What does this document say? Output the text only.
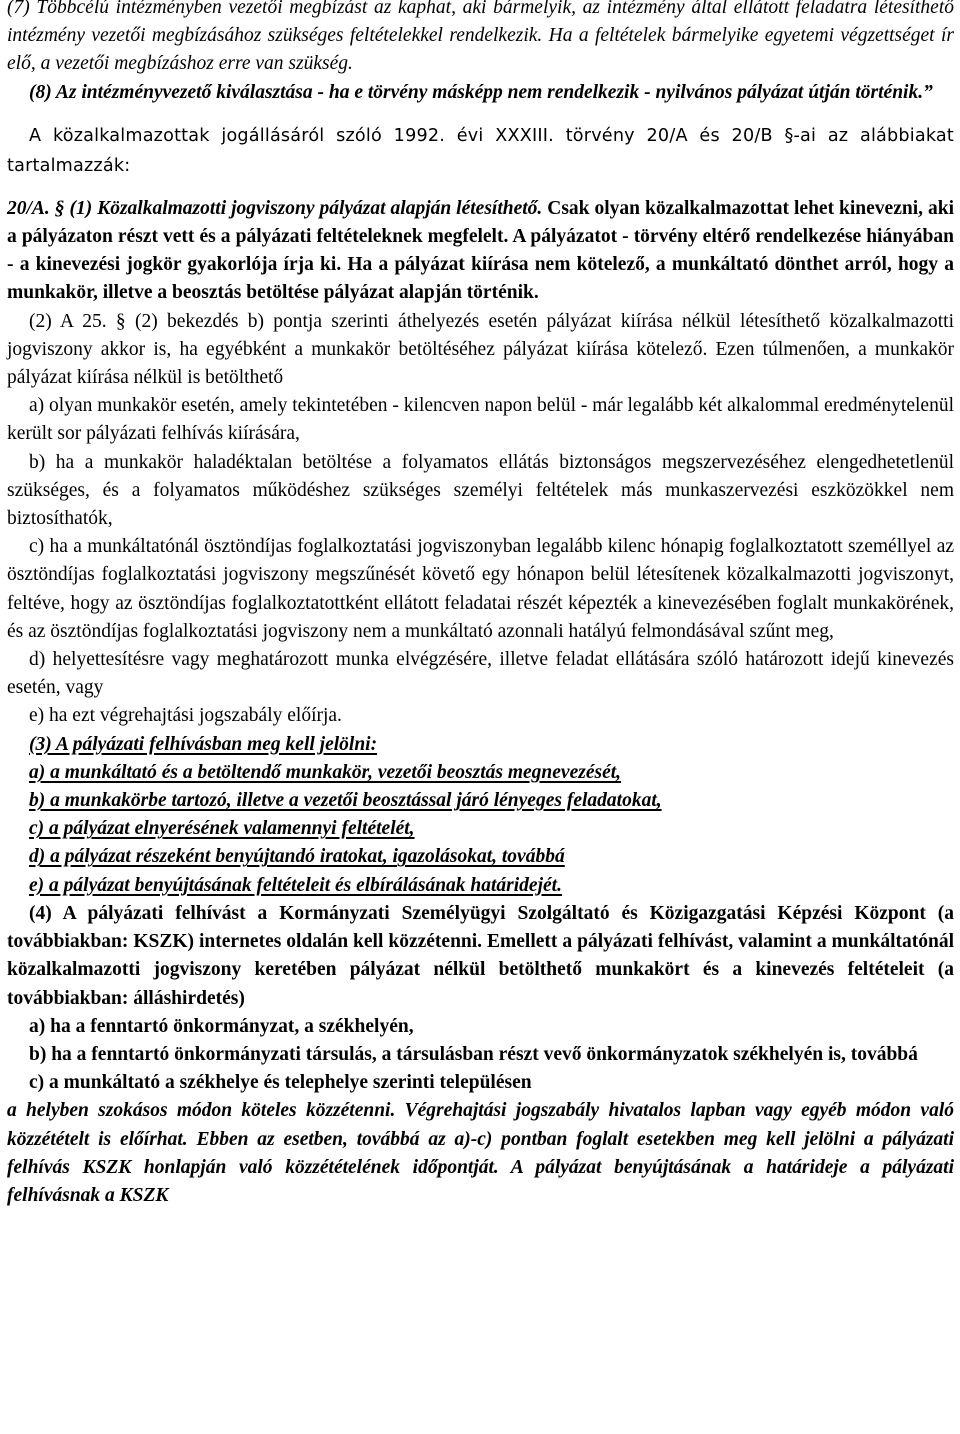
(7) Többcélú intézményben vezetői megbízást az kaphat, aki bármelyik, az intézmény által ellátott feladatra létesíthető intézmény vezetői megbízásához szükséges feltételekkel rendelkezik. Ha a feltételek bármelyike egyetemi végzettséget ír elő, a vezetői megbízáshoz erre van szükség.

(8) Az intézményvezető kiválasztása - ha e törvény másképp nem rendelkezik - nyilvános pályázat útján történik.”

A közalkalmazottak jogállásáról szóló 1992. évi XXXIII. törvény 20/A és 20/B §-ai az alábbiakat tartalmazzák:

20/A. § (1) Közalkalmazotti jogviszony pályázat alapján létesíthető. Csak olyan közalkalmazottat lehet kinevezni, aki a pályázaton részt vett és a pályázati feltételeknek megfelelt. A pályázatot - törvény eltérő rendelkezése hiányában - a kinevezési jogkör gyakorlója írja ki. Ha a pályázat kiírása nem kötelező, a munkáltató dönthet arról, hogy a munkakör, illetve a beosztás betöltése pályázat alapján történik.

(2) A 25. § (2) bekezdés b) pontja szerinti áthelyezés esetén pályázat kiírása nélkül létesíthető közalkalmazotti jogviszony akkor is, ha egyébként a munkakör betöltéséhez pályázat kiírása kötelező. Ezen túlmenően, a munkakör pályázat kiírása nélkül is betölthető

a) olyan munkakör esetén, amely tekintetében - kilencven napon belül - már legalább két alkalommal eredménytelenül került sor pályázati felhívás kiírására,

b) ha a munkakör haladéktalan betöltése a folyamatos ellátás biztonságos megszervezéséhez elengedhetetlenül szükséges, és a folyamatos működéshez szükséges személyi feltételek más munkaszervezési eszközökkel nem biztosíthatók,

c) ha a munkáltatónál ösztöndíjas foglalkoztatási jogviszonyban legalább kilenc hónapig foglalkoztatott személlyel az ösztöndíjas foglalkoztatási jogviszony megszűnését követő egy hónapon belül létesítenek közalkalmazotti jogviszonyt, feltéve, hogy az ösztöndíjas foglalkoztatottként ellátott feladatai részét képezték a kinevezésében foglalt munkakörének, és az ösztöndíjas foglalkoztatási jogviszony nem a munkáltató azonnali hatályú felmondásával szűnt meg,

d) helyettesítésre vagy meghatározott munka elvégzésére, illetve feladat ellátására szóló határozott idejű kinevezés esetén, vagy

e) ha ezt végrehajtási jogszabály előírja.

(3) A pályázati felhívásban meg kell jelölni:

a) a munkáltató és a betöltendő munkakör, vezetői beosztás megnevezését,

b) a munkakörbe tartozó, illetve a vezetői beosztással járó lényeges feladatokat,

c) a pályázat elnyerésének valamennyi feltételét,

d) a pályázat részeként benyújtandó iratokat, igazolásokat, továbbá

e) a pályázat benyújtásának feltételeit és elbírálásának határidejét.

(4) A pályázati felhívást a Kormányzati Személyügyi Szolgáltató és Közigazgatási Képzési Központ (a továbbiakban: KSZK) internetes oldalán kell közzétenni. Emellett a pályázati felhívást, valamint a munkáltatónál közalkalmazotti jogviszony keretében pályázat nélkül betölthető munkakört és a kinevezés feltételeit (a továbbiakban: álláshirdetés)

a) ha a fenntartó önkormányzat, a székhelyén,

b) ha a fenntartó önkormányzati társulás, a társulásban részt vevő önkormányzatok székhelyén is, továbbá

c) a munkáltató a székhelye és telephelye szerinti településen

a helyben szokásos módon köteles közzétenni. Végrehajtási jogszabály hivatalos lapban vagy egyéb módon való közzétételt is előírhat. Ebben az esetben, továbbá az a)-c) pontban foglalt esetekben meg kell jelölni a pályázati felhívás KSZK honlapján való közzétételének időpontját. A pályázat benyújtásának a határideje a pályázati felhívásnak a KSZK
